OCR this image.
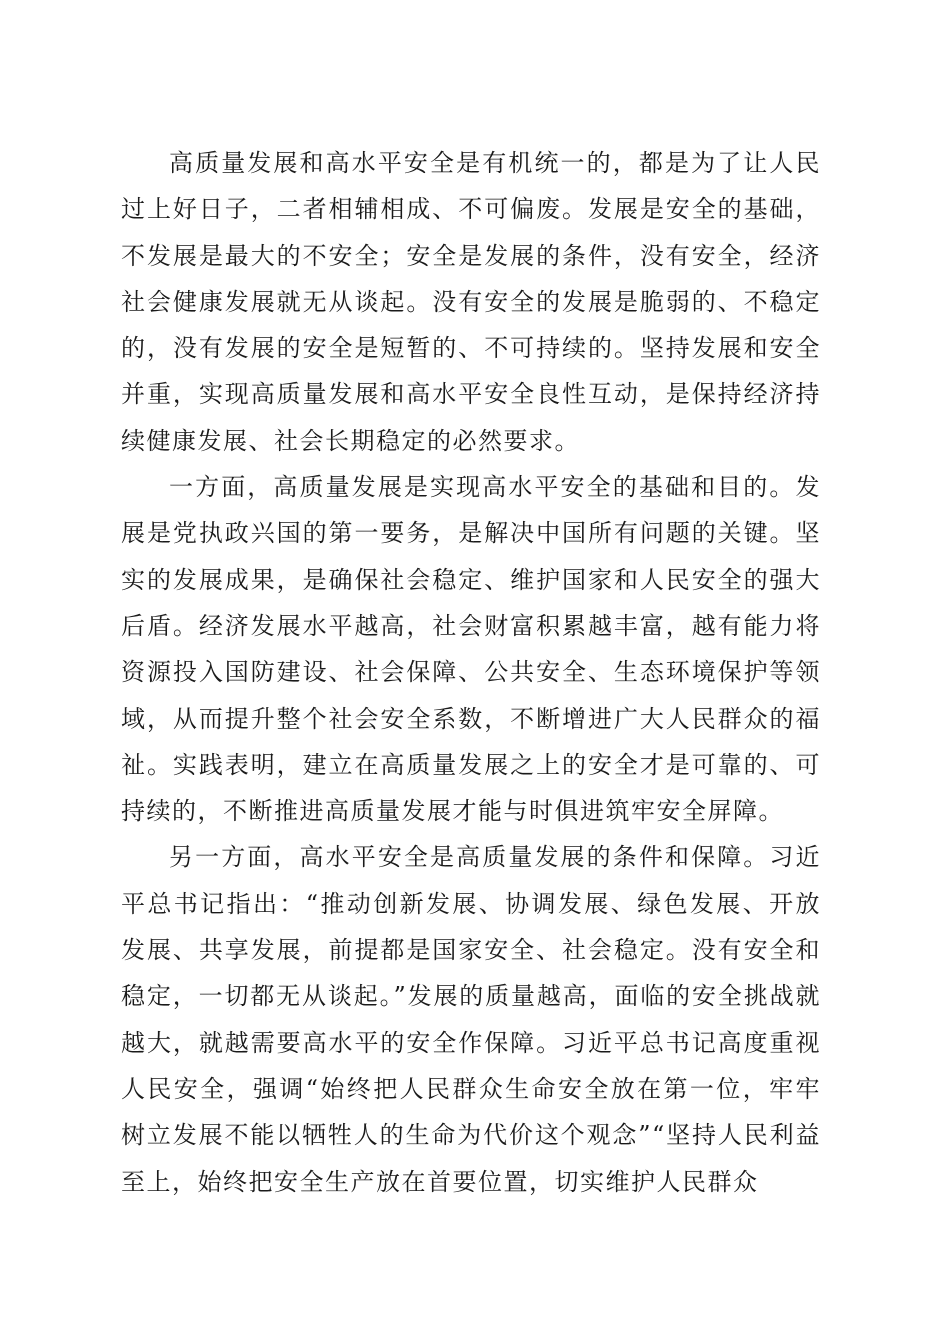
高质量发展和高水平安全是有机统一的，都是为了让人民过上好日子，二者相辅相成、不可偏废。发展是安全的基础，不发展是最大的不安全；安全是发展的条件，没有安全，经济社会健康发展就无从谈起。没有安全的发展是脆弱的、不稳定的，没有发展的安全是短暂的、不可持续的。坚持发展和安全并重，实现高质量发展和高水平安全良性互动，是保持经济持续健康发展、社会长期稳定的必然要求。

一方面，高质量发展是实现高水平安全的基础和目的。发展是党执政兴国的第一要务，是解决中国所有问题的关键。坚实的发展成果，是确保社会稳定、维护国家和人民安全的强大后盾。经济发展水平越高，社会财富积累越丰富，越有能力将资源投入国防建设、社会保障、公共安全、生态环境保护等领域，从而提升整个社会安全系数，不断增进广大人民群众的福祉。实践表明，建立在高质量发展之上的安全才是可靠的、可持续的，不断推进高质量发展才能与时俱进筑牢安全屏障。

另一方面，高水平安全是高质量发展的条件和保障。习近平总书记指出：“推动创新发展、协调发展、绿色发展、开放发展、共享发展，前提都是国家安全、社会稳定。没有安全和稳定，一切都无从谈起。”发展的质量越高，面临的安全挑战就越大，就越需要高水平的安全作保障。习近平总书记高度重视人民安全，强调“始终把人民群众生命安全放在第一位，牢牢树立发展不能以牺牲人的生命为代价这个观念”“坚持人民利益至上，始终把安全生产放在首要位置，切实维护人民群众
